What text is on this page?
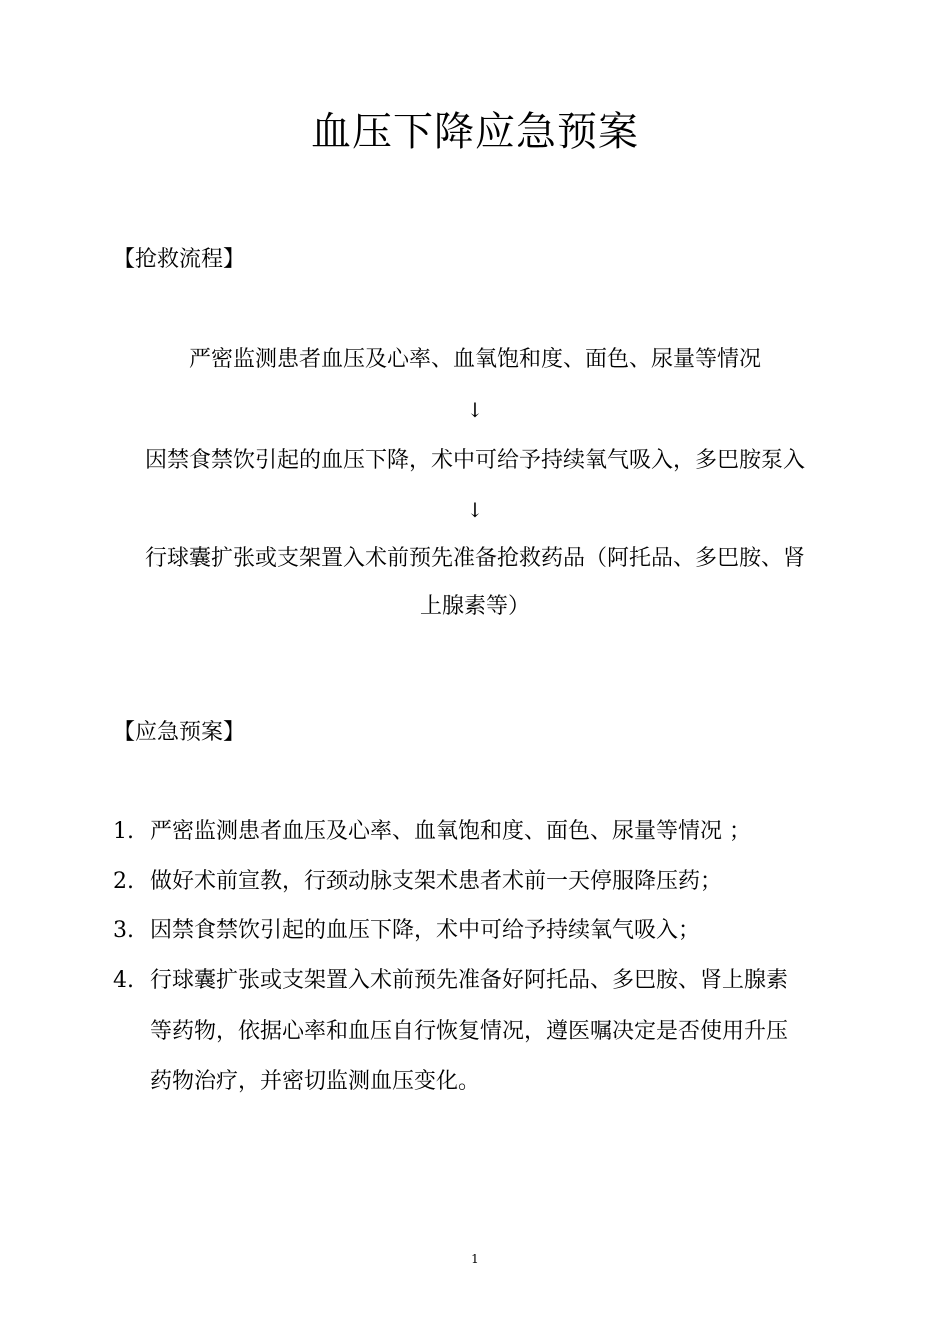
血压下降应急预案
【抢救流程】
严密监测患者血压及心率、血氧饱和度、面色、尿量等情况
↓
因禁食禁饮引起的血压下降，术中可给予持续氧气吸入，多巴胺泵入
↓
行球囊扩张或支架置入术前预先准备抢救药品（阿托品、多巴胺、肾
上腺素等）
【应急预案】
1. 严密监测患者血压及心率、血氧饱和度、面色、尿量等情况 ；
2. 做好术前宣教，行颈动脉支架术患者术前一天停服降压药；
3. 因禁食禁饮引起的血压下降，术中可给予持续氧气吸入；
4. 行球囊扩张或支架置入术前预先准备好阿托品、多巴胺、肾上腺素
等药物，依据心率和血压自行恢复情况，遵医嘱决定是否使用升压
药物治疗，并密切监测血压变化。
1
